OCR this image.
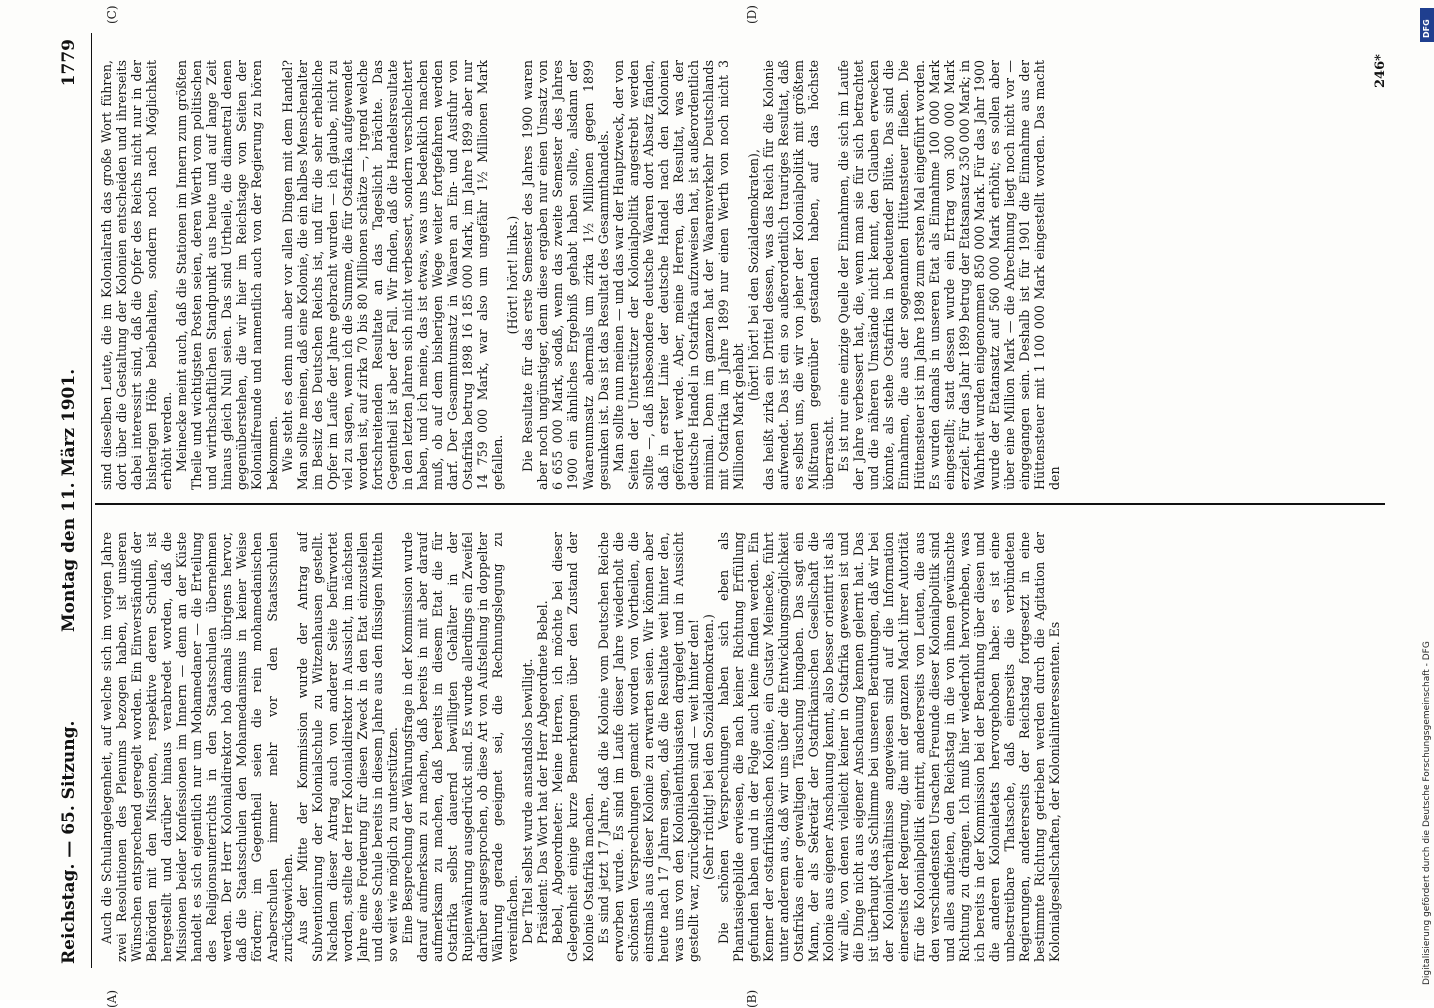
Reichstag. — 65. Sitzung.
Montag den 11. März 1901.
1779
(A)	(B)
(C)	(D)

Auch die Schulangelegenheit, auf welche sich im vorigen Jahre zwei Resolutionen des Plenums bezogen haben, ist unseren Wünschen entsprechend geregelt worden. Ein Einverständniß der Behörden mit den Missionen, respektive deren Schulen, ist hergestellt und darüber hinaus verabredet worden, daß die Missionen beider Konfessionen im Innern — denn an der Küste handelt es sich eigentlich nur um Mohamedaner — die Erteilung des Religionsunterrichts in den Staatsschulen übernehmen werden. Der Herr Kolonialdirektor hob damals übrigens hervor, daß die Staatsschulen den Mohamedanismus in keiner Weise fördern; im Gegentheil seien die rein mohamedanischen Araberschulen immer mehr vor den Staatsschulen zurückgewichen. Aus der Mitte der Kommission wurde der Antrag auf Subventionirung der Kolonialschule zu Witzenhausen gestellt. Nachdem dieser Antrag auch von anderer Seite befürwortet worden, stellte der Herr Kolonialdirektor in Aussicht, im nächsten Jahre eine Forderung für diesen Zweck in den Etat einzustellen und diese Schule bereits in diesem Jahre aus den flüssigen Mitteln so weit wie möglich zu unterstützen. Eine Besprechung der Währungsfrage in der Kommission wurde darauf aufmerksam zu machen, daß bereits in mit aber darauf aufmerksam zu machen, daß bereits in diesem Etat die für Ostafrika selbst dauernd bewilligten Gehälter in der Rupienwährung ausgedrückt sind. Es wurde allerdings ein Zweifel darüber ausgesprochen, ob diese Art von Aufstellung in doppelter Währung gerade geeignet sei, die Rechnungslegung zu vereinfachen. Der Titel selbst wurde anstandslos bewilligt. Präsident: Das Wort hat der Herr Abgeordnete Bebel. Bebel, Abgeordneter: Meine Herren, ich möchte bei dieser Gelegenheit einige kurze Bemerkungen über den Zustand der Kolonie Ostafrika machen. Es sind jetzt 17 Jahre, daß die Kolonie vom Deutschen Reiche erworben wurde. Es sind im Laufe dieser Jahre wiederholt die schönsten Versprechungen gemacht worden von Vortheilen, die einstmals aus dieser Kolonie zu erwarten seien. Wir können aber heute nach 17 Jahren sagen, daß die Resultate weit hinter den, was uns von den Kolonialenthusiasten dargelegt und in Aussicht gestellt war, zurückgeblieben sind — weit hinter den! (Sehr richtig! bei den Sozialdemokraten.) Die schönen Versprechungen haben sich eben als Phantasiegebilde erwiesen, die nach keiner Richtung Erfüllung gefunden haben und in der Folge auch keine finden werden. Ein Kenner der ostafrikanischen Kolonie, ein Gustav Meinecke, führt unter anderem aus, daß wir uns über die Entwicklungsmöglichkeit Ostafrikas einer gewaltigen Täuschung hingaben. Das sagt ein Mann, der als Sekretär der Ostafrikanischen Gesellschaft die Kolonie aus eigener Anschauung kennt, also besser orientirt ist als wir alle, von denen vielleicht keiner in Ostafrika gewesen ist und die Dinge nicht aus eigener Anschauung kennen gelernt hat. Das ist überhaupt das Schlimme bei unseren Berathungen, daß wir bei der Kolonialverhältnisse angewiesen sind auf die Information einerseits der Regierung, die mit der ganzen Macht ihrer Autorität für die Kolonialpolitik eintritt, andererseits von Leuten, die aus den verschiedensten Ursachen Freunde dieser Kolonialpolitik sind und alles aufbieten, den Reichstag in die von ihnen gewünschte Richtung zu drängen. Ich muß hier wiederholt hervorheben, was ich bereits in der Kommission bei der Berathung über diesen und die anderen Kolonialetats hervorgehoben habe: es ist eine unbestreitbare Thatsache, daß einerseits die verbündeten Regierungen, andererseits der Reichstag fortgesetzt in eine bestimmte Richtung getrieben werden durch die Agitation der Kolonialgesellschaften, der Kolonialinteressenten. Es

sind dieselben Leute, die im Kolonialrath das große Wort führen, dort über die Gestaltung der Kolonien entscheiden und ihrerseits dabei interessirt sind, daß die Opfer des Reichs nicht nur in der bisherigen Höhe beibehalten, sondern noch nach Möglichkeit erhöht werden. Meinecke meint auch, daß die Stationen im Innern zum größten Theile und wichtigsten Posten seien, deren Werth vom politischen und wirthschaftlichen Standpunkt aus heute und auf lange Zeit hinaus gleich Null seien. Das sind Urtheile, die diametral denen gegenüberstehen, die wir hier im Reichstage von Seiten der Kolonialfreunde und namentlich auch von der Regierung zu hören bekommen. Wie steht es denn nun aber vor allen Dingen mit dem Handel? Man sollte meinen, daß eine Kolonie, die ein halbes Menschenalter im Besitz des Deutschen Reichs ist, und für die sehr erhebliche Opfer im Laufe der Jahre gebracht wurden — ich glaube, nicht zu viel zu sagen, wenn ich die Summe, die für Ostafrika aufgewendet worden ist, auf zirka 70 bis 80 Millionen schätze —, irgend welche fortschreitenden Resultate an das Tageslicht brächte. Das Gegentheil ist aber der Fall. Wir finden, daß die Handelsresultate in den letzten Jahren sich nicht verbessert, sondern verschlechtert haben, und ich meine, das ist etwas, was uns bedenklich machen muß, ob auf dem bisherigen Wege weiter fortgefahren werden darf. Der Gesammtumsatz in Waaren an Ein- und Ausfuhr von Ostafrika betrug 1898 16 185 000 Mark, im Jahre 1899 aber nur 14 759 000 Mark, war also um ungefähr 1½ Millionen Mark gefallen.

(Hört! hört! links.) Die Resultate für das erste Semester des Jahres 1900 waren aber noch ungünstiger, denn diese ergaben nur einen Umsatz von 6 655 000 Mark, sodaß, wenn das zweite Semester des Jahres 1900 ein ähnliches Ergebniß gehabt haben sollte, alsdann der Waarenumsatz abermals um zirka 1½ Millionen gegen 1899 gesunken ist. Das ist das Resultat des Gesammthandels. Man sollte nun meinen — und das war der Hauptzweck, der von Seiten der Unterstützer der Kolonialpolitik angestrebt werden sollte —, daß insbesondere deutsche Waaren dort Absatz fänden, daß in erster Linie der deutsche Handel nach den Kolonien gefördert werde. Aber, meine Herren, das Resultat, was der deutsche Handel in Ostafrika aufzuweisen hat, ist außerordentlich minimal. Denn im ganzen hat der Waarenverkehr Deutschlands mit Ostafrika im Jahre 1899 nur einen Werth von noch nicht 3 Millionen Mark gehabt

(hört! hört! bei den Sozialdemokraten), das heißt zirka ein Drittel dessen, was das Reich für die Kolonie aufwendet. Das ist ein so außerordentlich trauriges Resultat, daß es selbst uns, die wir von jeher der Kolonialpolitik mit größtem Mißtrauen gegenüber gestanden haben, auf das höchste überrascht. Es ist nur eine einzige Quelle der Einnahmen, die sich im Laufe der Jahre verbessert hat, die, wenn man sie für sich betrachtet und die näheren Umstände nicht kennt, den Glauben erwecken könnte, als stehe Ostafrika in bedeutender Blüte. Das sind die Einnahmen, die aus der sogenannten Hüttensteuer fließen. Die Hüttensteuer ist im Jahre 1898 zum ersten Mal eingeführt worden. Es wurden damals in unseren Etat als Einnahme 100 000 Mark eingestellt; statt dessen wurde ein Ertrag von 300 000 Mark erzielt. Für das Jahr 1899 betrug der Etatsansatz 350 000 Mark; in Wahrheit wurden eingenommen 850 000 Mark. Für das Jahr 1900 wurde der Etatansatz auf 560 000 Mark erhöht; es sollen aber über eine Million Mark — die Abrechnung liegt noch nicht vor — eingegangen sein. Deshalb ist für 1901 die Einnahme aus der Hüttensteuer mit 1 100 000 Mark eingestellt worden. Das macht den

246*
DFG
Digitalisierung gefördert durch die Deutsche Forschungsgemeinschaft - DFG
